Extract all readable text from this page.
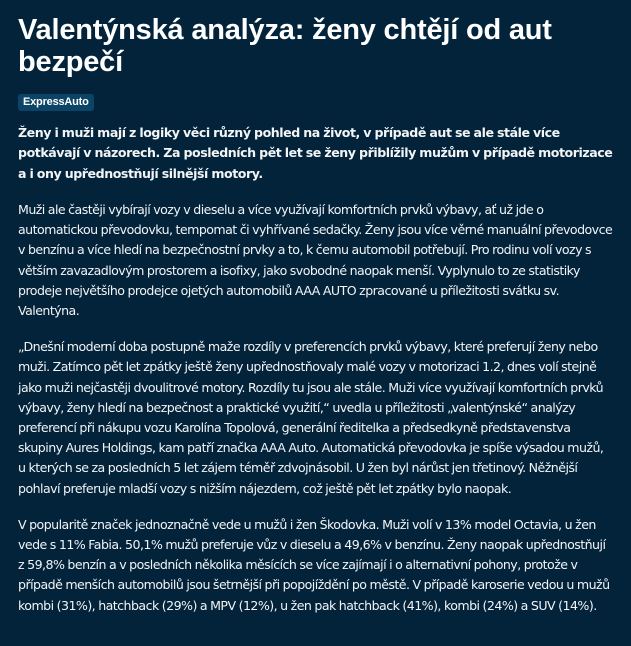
Valentýnská analýza: ženy chtějí od aut bezpečí
ExpressAuto

Ženy i muži mají z logiky věci různý pohled na život, v případě aut se ale stále více potkávají v názorech. Za posledních pět let se ženy přiblížily mužům v případě motorizace a i ony upřednostňují silnější motory.

Muži ale častěji vybírají vozy v dieselu a více využívají komfortních prvků výbavy, ať už jde o automatickou převodovku, tempomat či vyhřívané sedačky. Ženy jsou více věrné manuální převodovce v benzínu a více hledí na bezpečnostní prvky a to, k čemu automobil potřebují. Pro rodinu volí vozy s větším zavazadlovým prostorem a isofixy, jako svobodné naopak menší. Vyplynulo to ze statistiky prodeje největšího prodejce ojetých automobilů AAA AUTO zpracované u příležitosti svátku sv. Valentýna.

„Dnešní moderní doba postupně maže rozdíly v preferencích prvků výbavy, které preferují ženy nebo muži. Zatímco pět let zpátky ještě ženy upřednostňovaly malé vozy v motorizaci 1.2, dnes volí stejně jako muži nejčastěji dvoulitrové motory. Rozdíly tu jsou ale stále. Muži více využívají komfortních prvků výbavy, ženy hledí na bezpečnost a praktické využití,“ uvedla u příležitosti „valentýnské“ analýzy preferencí při nákupu vozu Karolína Topolová, generální ředitelka a předsedkyně představenstva skupiny Aures Holdings, kam patří značka AAA Auto. Automatická převodovka je spíše výsadou mužů, u kterých se za posledních 5 let zájem téměř zdvojnásobil. U žen byl nárůst jen třetinový. Něžnější pohlaví preferuje mladší vozy s nižším nájezdem, což ještě pět let zpátky bylo naopak.

V popularitě značek jednoznačně vede u mužů i žen Škodovka. Muži volí v 13% model Octavia, u žen vede s 11% Fabia. 50,1% mužů preferuje vůz v dieselu a 49,6% v benzínu. Ženy naopak upřednostňují z 59,8% benzín a v posledních několika měsících se více zajímají i o alternativní pohony, protože v případě menších automobilů jsou šetrnější při popojíždění po městě. V případě karoserie vedou u mužů kombi (31%), hatchback (29%) a MPV (12%), u žen pak hatchback (41%), kombi (24%) a SUV (14%).
